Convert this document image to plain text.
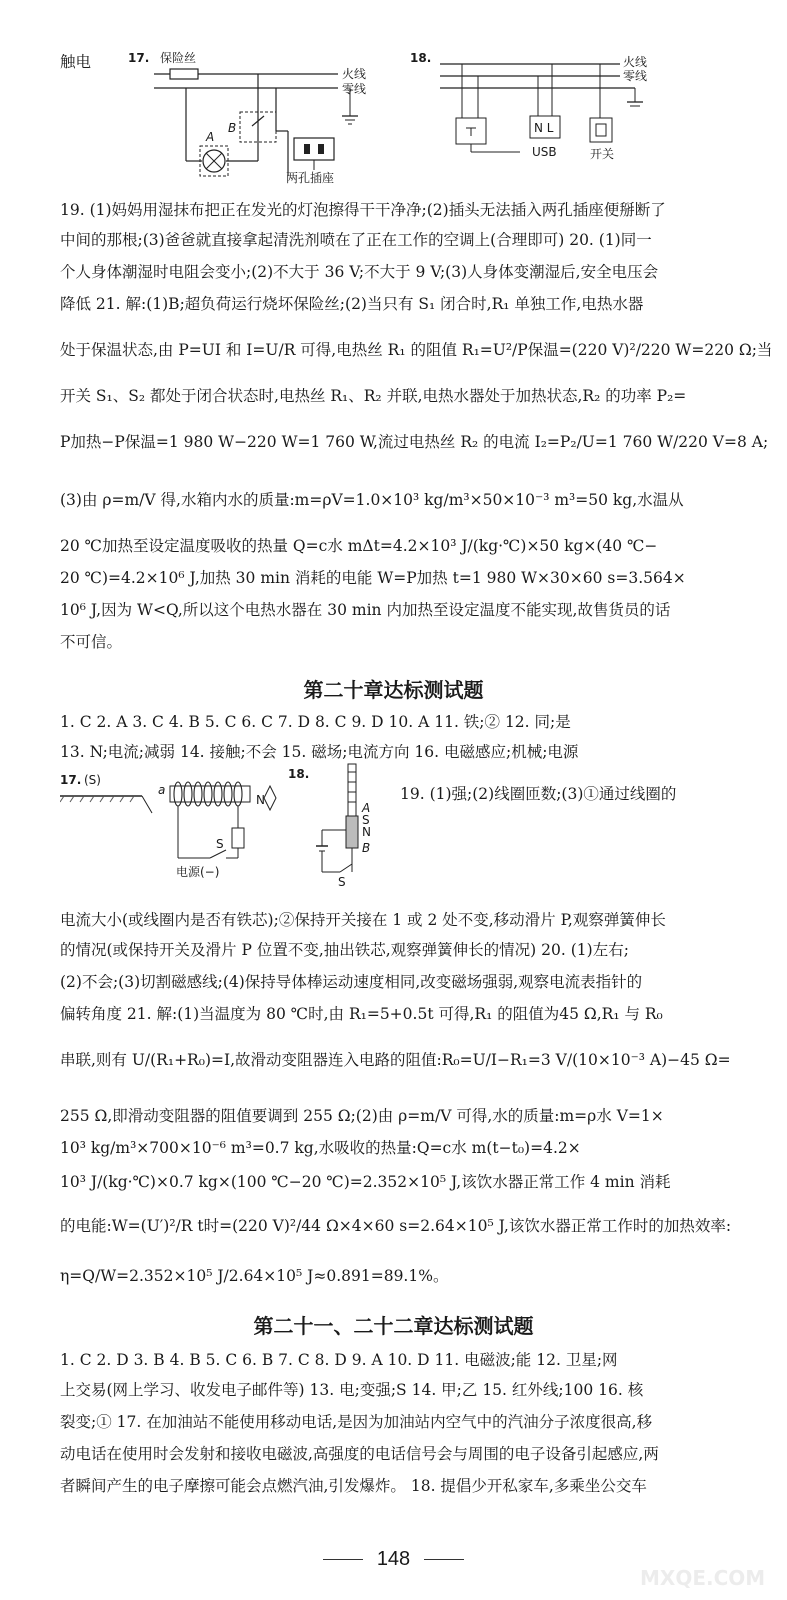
触电	17. 保险丝
火线
零线
A
B
两孔插座
18.	火线
零线
N L
USB	开关
19. (1)妈妈用湿抹布把正在发光的灯泡擦得干干净净;(2)插头无法插入两孔插座便掰断了
中间的那根;(3)爸爸就直接拿起清洗剂喷在了正在工作的空调上(合理即可) 20. (1)同一
个人身体潮湿时电阻会变小;(2)不大于 36 V;不大于 9 V;(3)人身体变潮湿后,安全电压会
降低 21. 解:(1)B;超负荷运行烧坏保险丝;(2)当只有 S₁ 闭合时,R₁ 单独工作,电热水器
处于保温状态,由 P=UI 和 I=U/R 可得,电热丝 R₁ 的阻值 R₁=U²/P保温=(220 V)²/220 W=220 Ω;当
开关 S₁、S₂ 都处于闭合状态时,电热丝 R₁、R₂ 并联,电热水器处于加热状态,R₂ 的功率 P₂=
P加热−P保温=1 980 W−220 W=1 760 W,流过电热丝 R₂ 的电流 I₂=P₂/U=1 760 W/220 V=8 A;
(3)由 ρ=m/V 得,水箱内水的质量:m=ρV=1.0×10³ kg/m³×50×10⁻³ m³=50 kg,水温从
20 ℃加热至设定温度吸收的热量 Q=c水 mΔt=4.2×10³ J/(kg·℃)×50 kg×(40 ℃−
20 ℃)=4.2×10⁶ J,加热 30 min 消耗的电能 W=P加热 t=1 980 W×30×60 s=3.564×
10⁶ J,因为 W<Q,所以这个电热水器在 30 min 内加热至设定温度不能实现,故售货员的话
不可信。
第二十章达标测试题
1. C 2. A 3. C 4. B 5. C 6. C 7. D 8. C 9. D 10. A 11. 铁;② 12. 同;是
13. N;电流;减弱 14. 接触;不会 15. 磁场;电流方向 16. 电磁感应;机械;电源
17. (S)
a
N
S
电源(−)
18.
A
S
N
B
S
19. (1)强;(2)线圈匝数;(3)①通过线圈的
电流大小(或线圈内是否有铁芯);②保持开关接在 1 或 2 处不变,移动滑片 P,观察弹簧伸长
的情况(或保持开关及滑片 P 位置不变,抽出铁芯,观察弹簧伸长的情况) 20. (1)左右;
(2)不会;(3)切割磁感线;(4)保持导体棒运动速度相同,改变磁场强弱,观察电流表指针的
偏转角度 21. 解:(1)当温度为 80 ℃时,由 R₁=5+0.5t 可得,R₁ 的阻值为45 Ω,R₁ 与 R₀
串联,则有 U/(R₁+R₀)=I,故滑动变阻器连入电路的阻值:R₀=U/I−R₁=3 V/(10×10⁻³ A)−45 Ω=
255 Ω,即滑动变阻器的阻值要调到 255 Ω;(2)由 ρ=m/V 可得,水的质量:m=ρ水 V=1×
10³ kg/m³×700×10⁻⁶ m³=0.7 kg,水吸收的热量:Q=c水 m(t−t₀)=4.2×
10³ J/(kg·℃)×0.7 kg×(100 ℃−20 ℃)=2.352×10⁵ J,该饮水器正常工作 4 min 消耗
的电能:W=(U′)²/R t时=(220 V)²/44 Ω×4×60 s=2.64×10⁵ J,该饮水器正常工作时的加热效率:
η=Q/W=2.352×10⁵ J/2.64×10⁵ J≈0.891=89.1%。
第二十一、二十二章达标测试题
1. C 2. D 3. B 4. B 5. C 6. B 7. C 8. D 9. A 10. D 11. 电磁波;能 12. 卫星;网
上交易(网上学习、收发电子邮件等) 13. 电;变强;S 14. 甲;乙 15. 红外线;100 16. 核
裂变;① 17. 在加油站不能使用移动电话,是因为加油站内空气中的汽油分子浓度很高,移
动电话在使用时会发射和接收电磁波,高强度的电话信号会与周围的电子设备引起感应,两
者瞬间产生的电子摩擦可能会点燃汽油,引发爆炸。 18. 提倡少开私家车,多乘坐公交车
148
MXQE.COM
